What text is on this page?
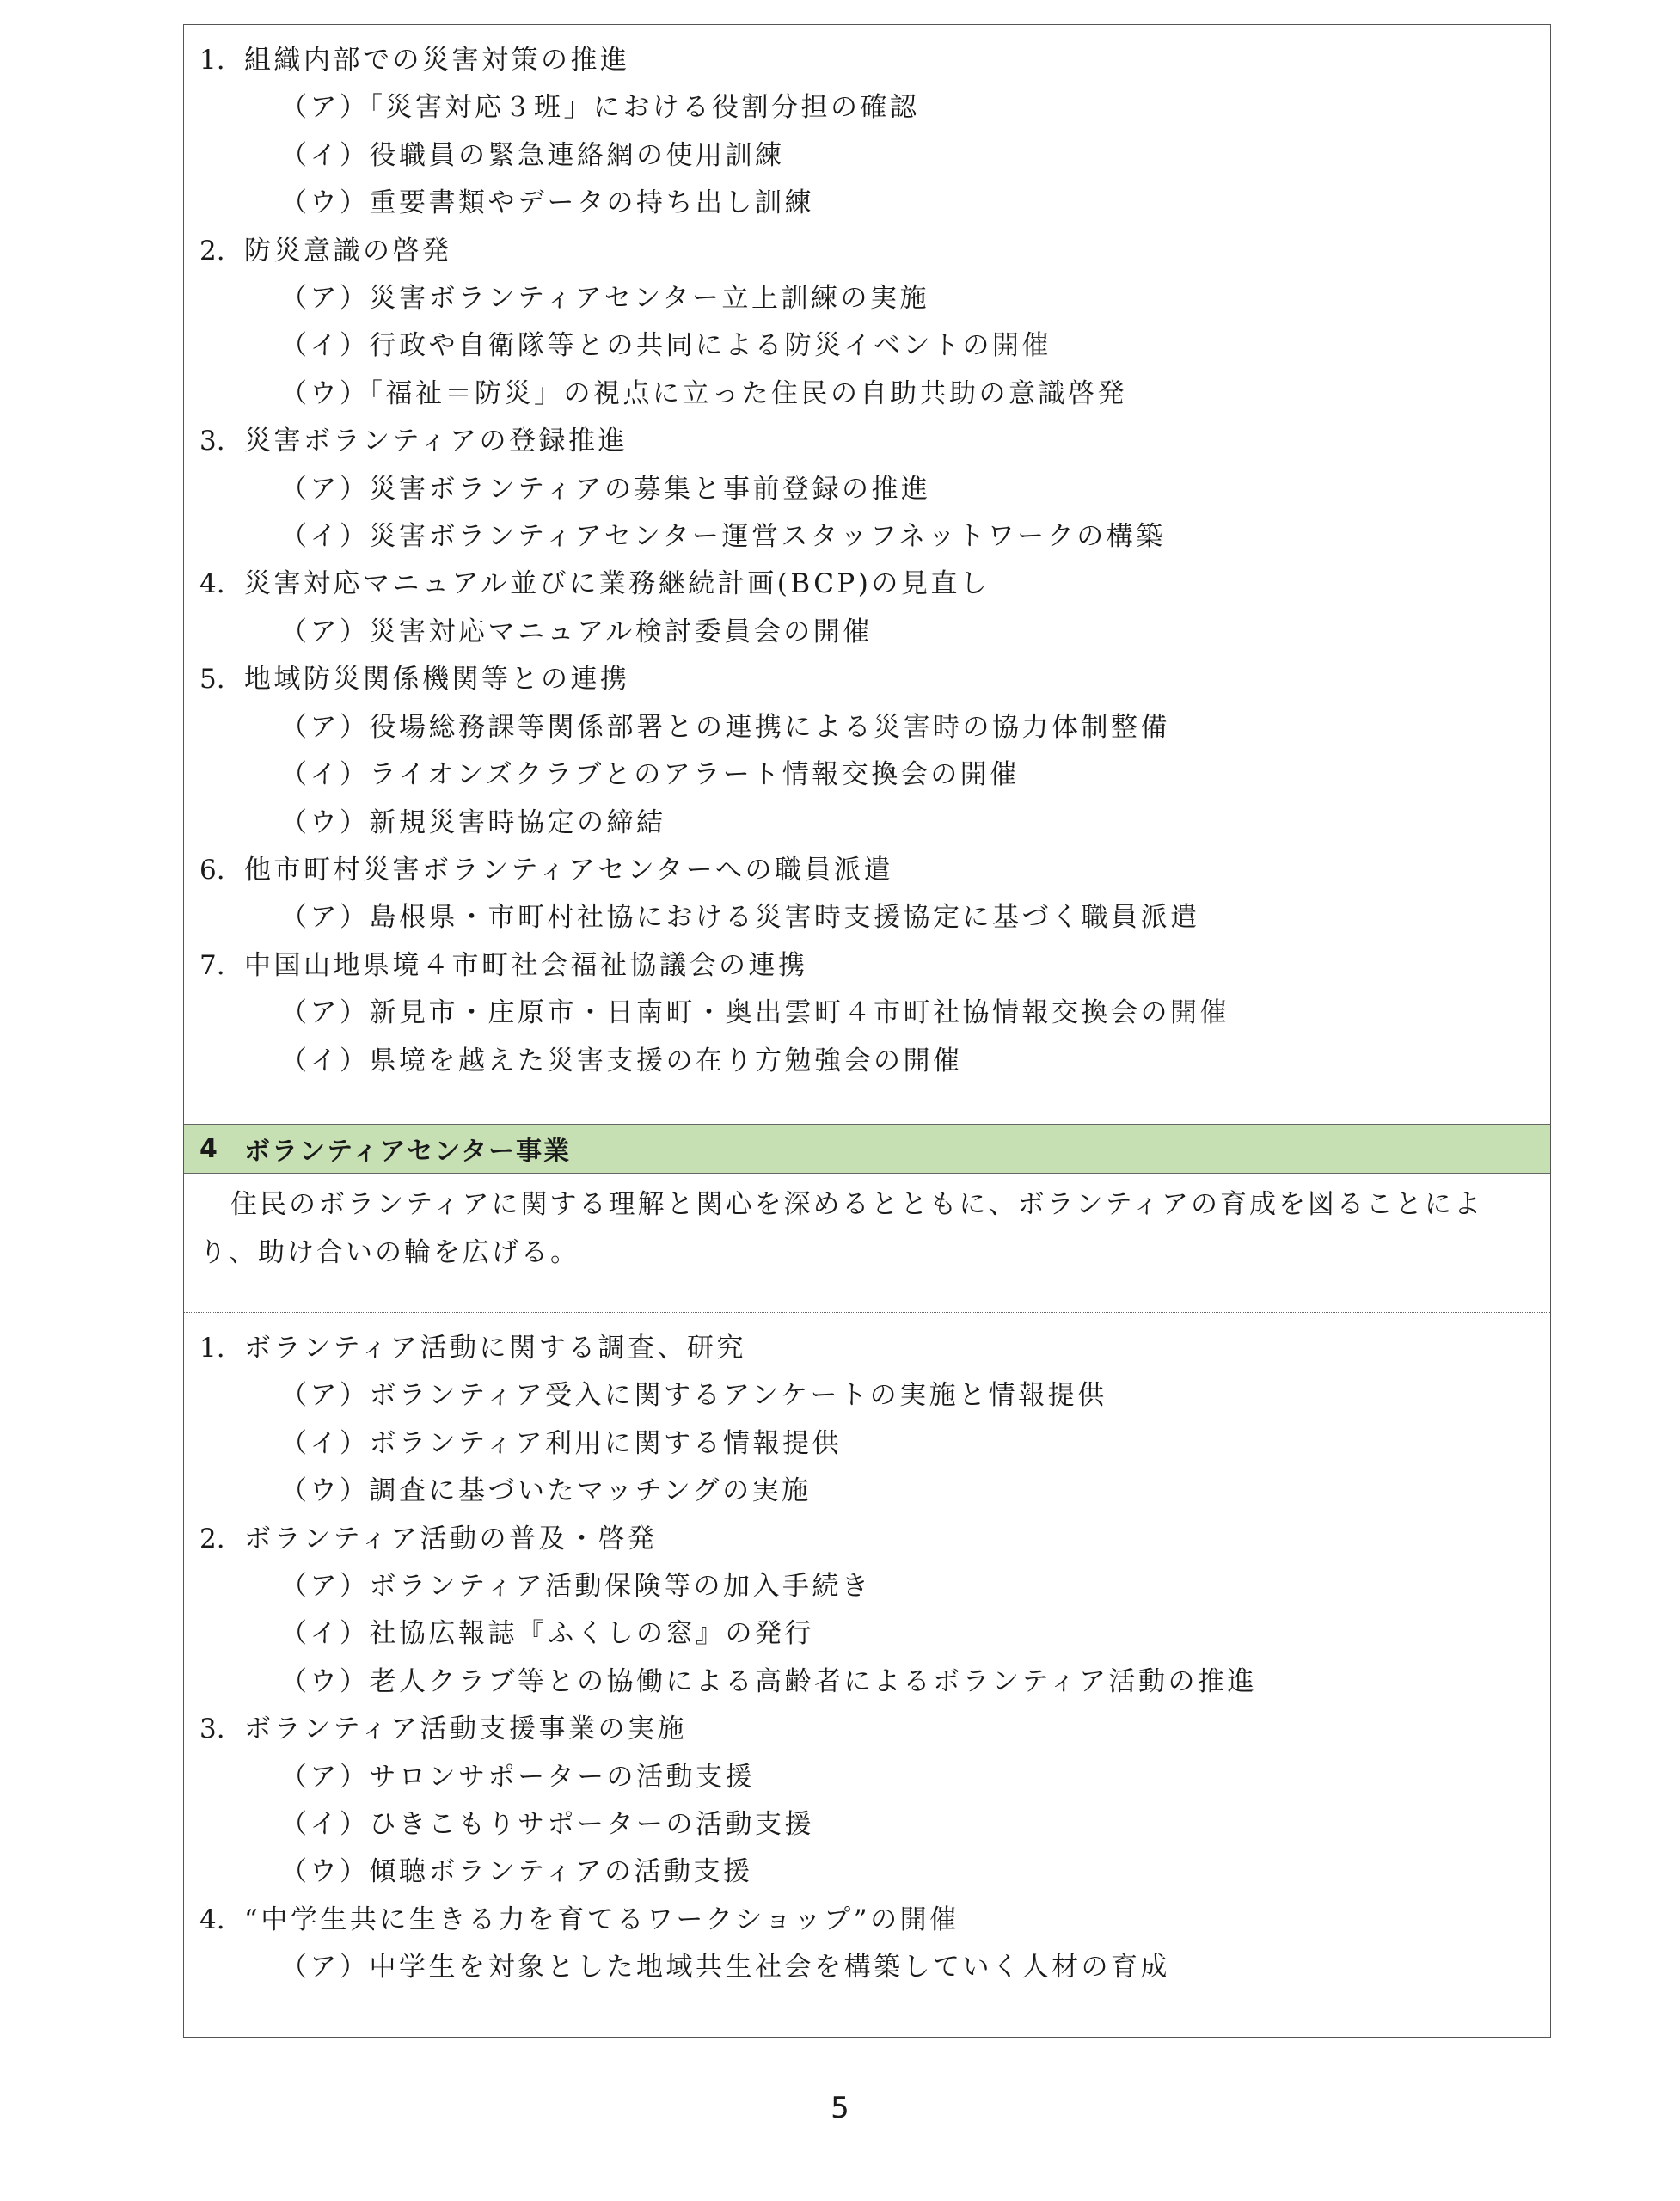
1. 組織内部での災害対策の推進
（ア）「災害対応３班」における役割分担の確認
（イ）役職員の緊急連絡網の使用訓練
（ウ）重要書類やデータの持ち出し訓練
2. 防災意識の啓発
（ア）災害ボランティアセンター立上訓練の実施
（イ）行政や自衛隊等との共同による防災イベントの開催
（ウ）「福祉＝防災」の視点に立った住民の自助共助の意識啓発
3. 災害ボランティアの登録推進
（ア）災害ボランティアの募集と事前登録の推進
（イ）災害ボランティアセンター運営スタッフネットワークの構築
4. 災害対応マニュアル並びに業務継続計画(BCP)の見直し
（ア）災害対応マニュアル検討委員会の開催
5. 地域防災関係機関等との連携
（ア）役場総務課等関係部署との連携による災害時の協力体制整備
（イ）ライオンズクラブとのアラート情報交換会の開催
（ウ）新規災害時協定の締結
6. 他市町村災害ボランティアセンターへの職員派遣
（ア）島根県・市町村社協における災害時支援協定に基づく職員派遣
7. 中国山地県境４市町社会福祉協議会の連携
（ア）新見市・庄原市・日南町・奥出雲町４市町社協情報交換会の開催
（イ）県境を越えた災害支援の在り方勉強会の開催
4 ボランティアセンター事業
住民のボランティアに関する理解と関心を深めるとともに、ボランティアの育成を図ることにより、助け合いの輪を広げる。
1. ボランティア活動に関する調査、研究
（ア）ボランティア受入に関するアンケートの実施と情報提供
（イ）ボランティア利用に関する情報提供
（ウ）調査に基づいたマッチングの実施
2. ボランティア活動の普及・啓発
（ア）ボランティア活動保険等の加入手続き
（イ）社協広報誌『ふくしの窓』の発行
（ウ）老人クラブ等との協働による高齢者によるボランティア活動の推進
3. ボランティア活動支援事業の実施
（ア）サロンサポーターの活動支援
（イ）ひきこもりサポーターの活動支援
（ウ）傾聴ボランティアの活動支援
4. “中学生共に生きる力を育てるワークショップ”の開催
（ア）中学生を対象とした地域共生社会を構築していく人材の育成
5
